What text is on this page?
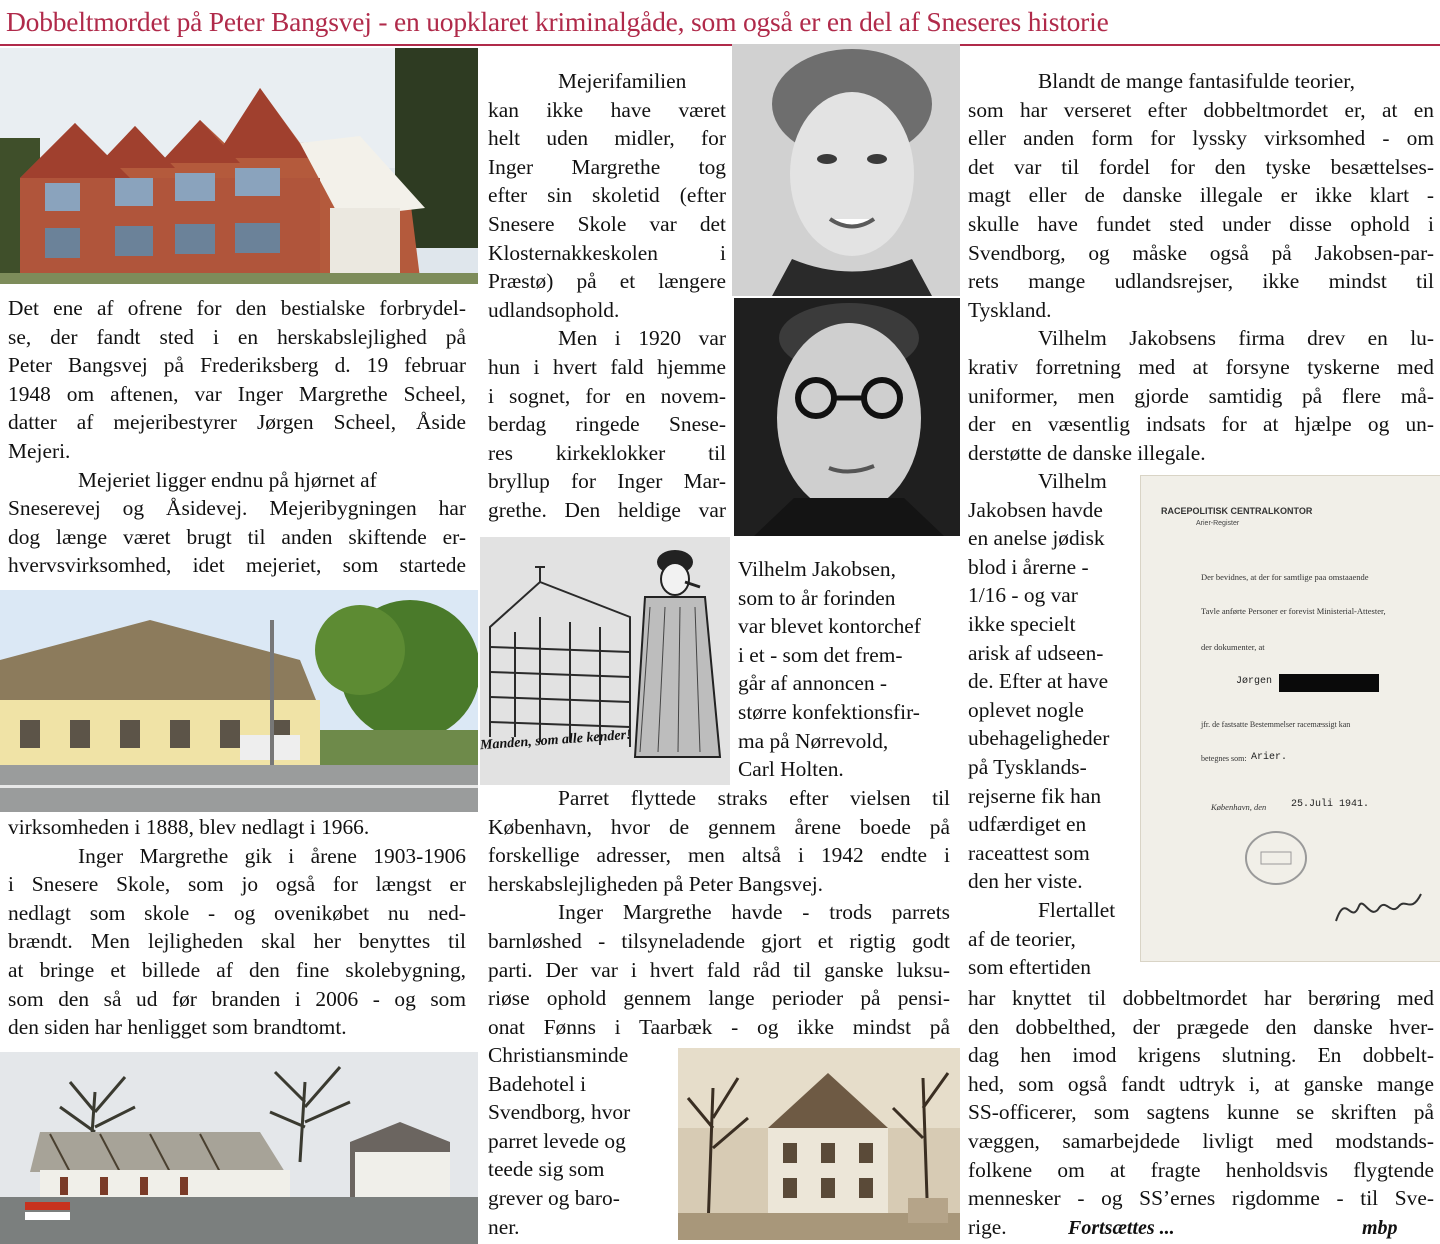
Dobbeltmordet på Peter Bangsvej - en uopklaret kriminalgåde, som også er en del af Sneseres historie
Det ene af ofrene for den bestialske forbrydel-
se, der fandt sted i en herskabslejlighed på
Peter Bangsvej på Frederiksberg d. 19 februar
1948 om aftenen, var Inger Margrethe Scheel,
datter af mejeribestyrer Jørgen Scheel, Åside
Mejeri.
Mejeriet ligger endnu på hjørnet af
Sneserevej og Åsidevej. Mejeribygningen har
dog længe været brugt til anden skiftende er-
hvervsvirksomhed, idet mejeriet, som startede
virksomheden i 1888, blev nedlagt i 1966.
Inger Margrethe gik i årene 1903-1906
i Snesere Skole, som jo også for længst er
nedlagt som skole - og ovenikøbet nu ned-
brændt. Men lejligheden skal her benyttes til
at bringe et billede af den fine skolebygning,
som den så ud før branden i 2006 - og som
den siden har henligget som brandtomt.
Mejerifamilien
kan ikke have været
helt uden midler, for
Inger Margrethe tog
efter sin skoletid (efter
Snesere Skole var det
Klosternakkeskolen i
Præstø) på et længere
udlandsophold.
Men i 1920 var
hun i hvert fald hjemme
i sognet, for en novem-
berdag ringede Snese-
res kirkeklokker til
bryllup for Inger Mar-
grethe. Den heldige var
Manden, som alle kender!
Vilhelm Jakobsen,
som to år forinden
var blevet kontorchef
i et - som det frem-
går af annoncen -
større konfektionsfir-
ma på Nørrevold,
Carl Holten.
Parret flyttede straks efter vielsen til
København, hvor de gennem årene boede på
forskellige adresser, men altså i 1942 endte i
herskabslejligheden på Peter Bangsvej.
Inger Margrethe havde - trods parrets
barnløshed - tilsyneladende gjort et rigtig godt
parti. Der var i hvert fald råd til ganske luksu-
riøse ophold gennem lange perioder på pensi-
onat Fønns i Taarbæk - og ikke mindst på
Christiansminde
Badehotel i
Svendborg, hvor
parret levede og
teede sig som
grever og baro-
ner.
Blandt de mange fantasifulde teorier,
som har verseret efter dobbeltmordet er, at en
eller anden form for lyssky virksomhed - om
det var til fordel for den tyske besættelses-
magt eller de danske illegale er ikke klart -
skulle have fundet sted under disse ophold i
Svendborg, og måske også på Jakobsen-par-
rets mange udlandsrejser, ikke mindst til
Tyskland.
Vilhelm Jakobsens firma drev en lu-
krativ forretning med at forsyne tyskerne med
uniformer, men gjorde samtidig på flere må-
der en væsentlig indsats for at hjælpe og un-
derstøtte de danske illegale.
Vilhelm
Jakobsen havde
en anelse jødisk
blod i årerne -
1/16 - og var
ikke specielt
arisk af udseen-
de. Efter at have
oplevet nogle
ubehageligheder
på Tysklands-
rejserne fik han
udfærdiget en
raceattest som
den her viste.
Flertallet
af de teorier,
som eftertiden
RACEPOLITISK CENTRALKONTOR
Arier-Register
Der bevidnes, at der for samtlige paa omstaaende
Tavle anførte Personer er forevist Ministerial-Attester,
der dokumenter, at
Jørgen
jfr. de fastsatte Bestemmelser racemæssigt kan
betegnes som: Arier.
København, den 25.Juli 1941.
har knyttet til dobbeltmordet har berøring med
den dobbelthed, der prægede den danske hver-
dag hen imod krigens slutning. En dobbelt-
hed, som også fandt udtryk i, at ganske mange
SS-officerer, som sagtens kunne se skriften på
væggen, samarbejdede livligt med modstands-
folkene om at fragte henholdsvis flygtende
mennesker - og SS’ernes rigdomme - til Sve-
rige.	Fortsættes ...	mbp
